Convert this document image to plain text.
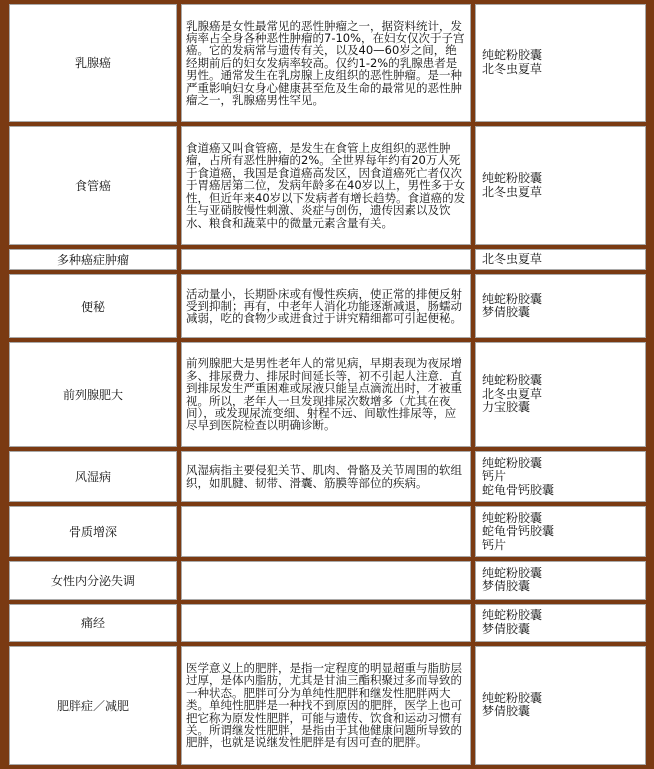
乳腺癌	乳腺癌是女性最常见的恶性肿瘤之一，据资料统计，发病率占全身各种恶性肿瘤的7-10%，在妇女仅次于子宫癌。它的发病常与遗传有关，以及40—60岁之间，绝经期前后的妇女发病率较高。仅约1-2%的乳腺患者是男性。通常发生在乳房腺上皮组织的恶性肿瘤。是一种严重影响妇女身心健康甚至危及生命的最常见的恶性肿瘤之一，乳腺癌男性罕见。	纯蛇粉胶囊
北冬虫夏草

食管癌	食道癌又叫食管癌，是发生在食管上皮组织的恶性肿瘤，占所有恶性肿瘤的2%。全世界每年约有20万人死于食道癌，我国是食道癌高发区，因食道癌死亡者仅次于胃癌居第二位，发病年龄多在40岁以上，男性多于女性，但近年来40岁以下发病者有增长趋势。食道癌的发生与亚硝胺慢性刺激、炎症与创伤，遗传因素以及饮水、粮食和蔬菜中的微量元素含量有关。	纯蛇粉胶囊
北冬虫夏草

多种癌症肿瘤		北冬虫夏草

便秘	活动量小，长期卧床或有慢性疾病，使正常的排便反射受到抑制；再有，中老年人消化功能逐渐减退，肠蠕动减弱，吃的食物少或进食过于讲究精细都可引起便秘。	纯蛇粉胶囊
梦倩胶囊

前列腺肥大	前列腺肥大是男性老年人的常见病，早期表现为夜尿增多、排尿费力、排尿时间延长等，初不引起人注意．直到排尿发生严重困难或尿液只能呈点滴流出时，才被重视。所以，老年人一旦发现排尿次数增多（尤其在夜间），或发现尿流变细、射程不远、间歇性排尿等，应尽早到医院检查以明确诊断。	纯蛇粉胶囊
北冬虫夏草
力宝胶囊

风湿病	风湿病指主要侵犯关节、肌肉、骨骼及关节周围的软组织，如肌腱、韧带、滑囊、筋膜等部位的疾病。	纯蛇粉胶囊
钙片
蛇龟骨钙胶囊

骨质增深		纯蛇粉胶囊
蛇龟骨钙胶囊
钙片

女性内分泌失调		纯蛇粉胶囊
梦倩胶囊

痛经		纯蛇粉胶囊
梦倩胶囊

肥胖症／减肥	医学意义上的肥胖，是指一定程度的明显超重与脂肪层过厚，是体内脂肪，尤其是甘油三酯积聚过多而导致的一种状态。肥胖可分为单纯性肥胖和继发性肥胖两大类。单纯性肥胖是一种找不到原因的肥胖，医学上也可把它称为原发性肥胖，可能与遗传、饮食和运动习惯有关。所谓继发性肥胖，是指由于其他健康问题所导致的肥胖，也就是说继发性肥胖是有因可查的肥胖。	纯蛇粉胶囊
梦倩胶囊
